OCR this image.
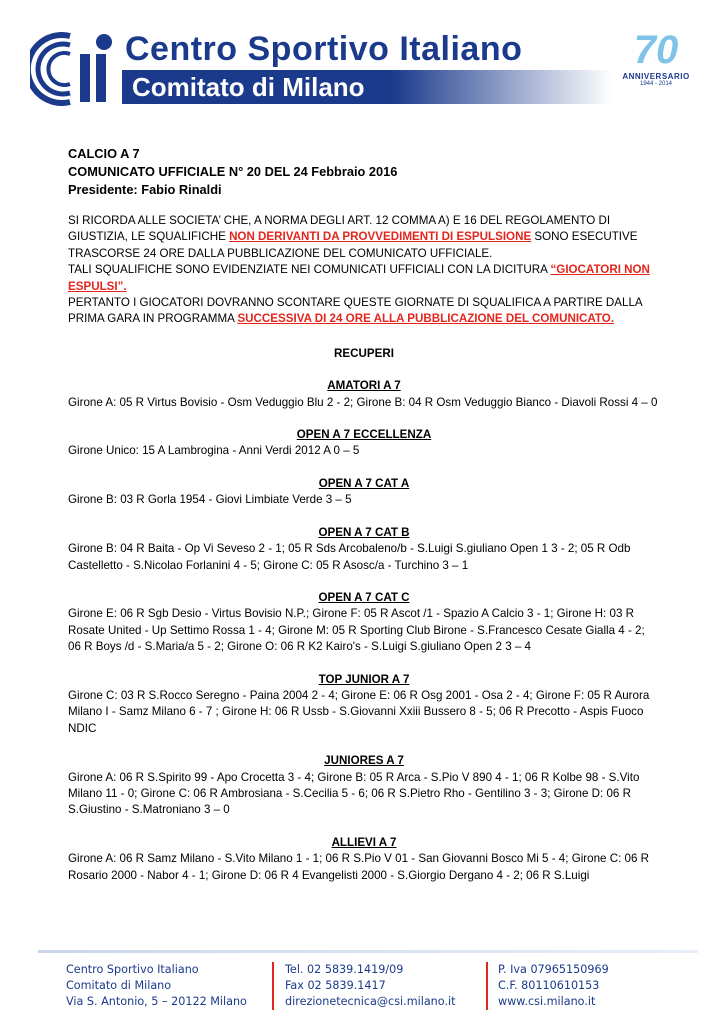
Centro Sportivo Italiano
Comitato di Milano
70
ANNIVERSARIO
1944 - 2014
CALCIO A 7
COMUNICATO UFFICIALE N° 20 DEL 24 Febbraio 2016
Presidente: Fabio Rinaldi

SI RICORDA ALLE SOCIETA’ CHE, A NORMA DEGLI ART. 12 COMMA A) E 16 DEL REGOLAMENTO DI GIUSTIZIA, LE SQUALIFICHE NON DERIVANTI DA PROVVEDIMENTI DI ESPULSIONE SONO ESECUTIVE TRASCORSE 24 ORE DALLA PUBBLICAZIONE DEL COMUNICATO UFFICIALE.

TALI SQUALIFICHE SONO EVIDENZIATE NEI COMUNICATI UFFICIALI CON LA DICITURA “GIOCATORI NON ESPULSI”.

PERTANTO I GIOCATORI DOVRANNO SCONTARE QUESTE GIORNATE DI SQUALIFICA A PARTIRE DALLA PRIMA GARA IN PROGRAMMA SUCCESSIVA DI 24 ORE ALLA PUBBLICAZIONE DEL COMUNICATO.

RECUPERI
AMATORI A 7

Girone A: 05 R Virtus Bovisio - Osm Veduggio Blu 2 - 2; Girone B: 04 R Osm Veduggio Bianco - Diavoli Rossi 4 – 0

OPEN A 7 ECCELLENZA

Girone Unico: 15 A Lambrogina - Anni Verdi 2012 A 0 – 5

OPEN A 7 CAT A

Girone B: 03 R Gorla 1954 - Giovi Limbiate Verde 3 – 5

OPEN A 7 CAT B

Girone B: 04 R Baita - Op Vi Seveso 2 - 1; 05 R Sds Arcobaleno/b - S.Luigi S.giuliano Open 1 3 - 2; 05 R Odb Castelletto - S.Nicolao Forlanini 4 - 5; Girone C: 05 R Asosc/a - Turchino 3 – 1

OPEN A 7 CAT C

Girone E: 06 R Sgb Desio - Virtus Bovisio N.P.; Girone F: 05 R Ascot /1 - Spazio A Calcio 3 - 1; Girone H: 03 R Rosate United - Up Settimo Rossa 1 - 4; Girone M: 05 R Sporting Club Birone - S.Francesco Cesate Gialla 4 - 2; 06 R Boys /d - S.Maria/a 5 - 2; Girone O: 06 R K2 Kairo's - S.Luigi S.giuliano Open 2 3 – 4

TOP JUNIOR A 7

Girone C: 03 R S.Rocco Seregno - Paina 2004 2 - 4; Girone E: 06 R Osg 2001 - Osa 2 - 4; Girone F: 05 R Aurora Milano I - Samz Milano 6 - 7 ; Girone H: 06 R Ussb - S.Giovanni Xxiii Bussero 8 - 5; 06 R Precotto - Aspis Fuoco NDIC

JUNIORES A 7

Girone A: 06 R S.Spirito 99 - Apo Crocetta 3 - 4; Girone B: 05 R Arca - S.Pio V 890 4 - 1; 06 R Kolbe 98 - S.Vito Milano 11 - 0; Girone C: 06 R Ambrosiana - S.Cecilia 5 - 6; 06 R S.Pietro Rho - Gentilino 3 - 3; Girone D: 06 R S.Giustino - S.Matroniano 3 – 0

ALLIEVI A 7

Girone A: 06 R Samz Milano - S.Vito Milano 1 - 1; 06 R S.Pio V 01 - San Giovanni Bosco Mi 5 - 4; Girone C: 06 R Rosario 2000 - Nabor 4 - 1; Girone D: 06 R 4 Evangelisti 2000 - S.Giorgio Dergano 4 - 2; 06 R S.Luigi

Centro Sportivo Italiano
Comitato di Milano
Via S. Antonio, 5 – 20122 Milano
Tel. 02 5839.1419/09
Fax 02 5839.1417
direzionetecnica@csi.milano.it
P. Iva 07965150969
C.F. 80110610153
www.csi.milano.it
